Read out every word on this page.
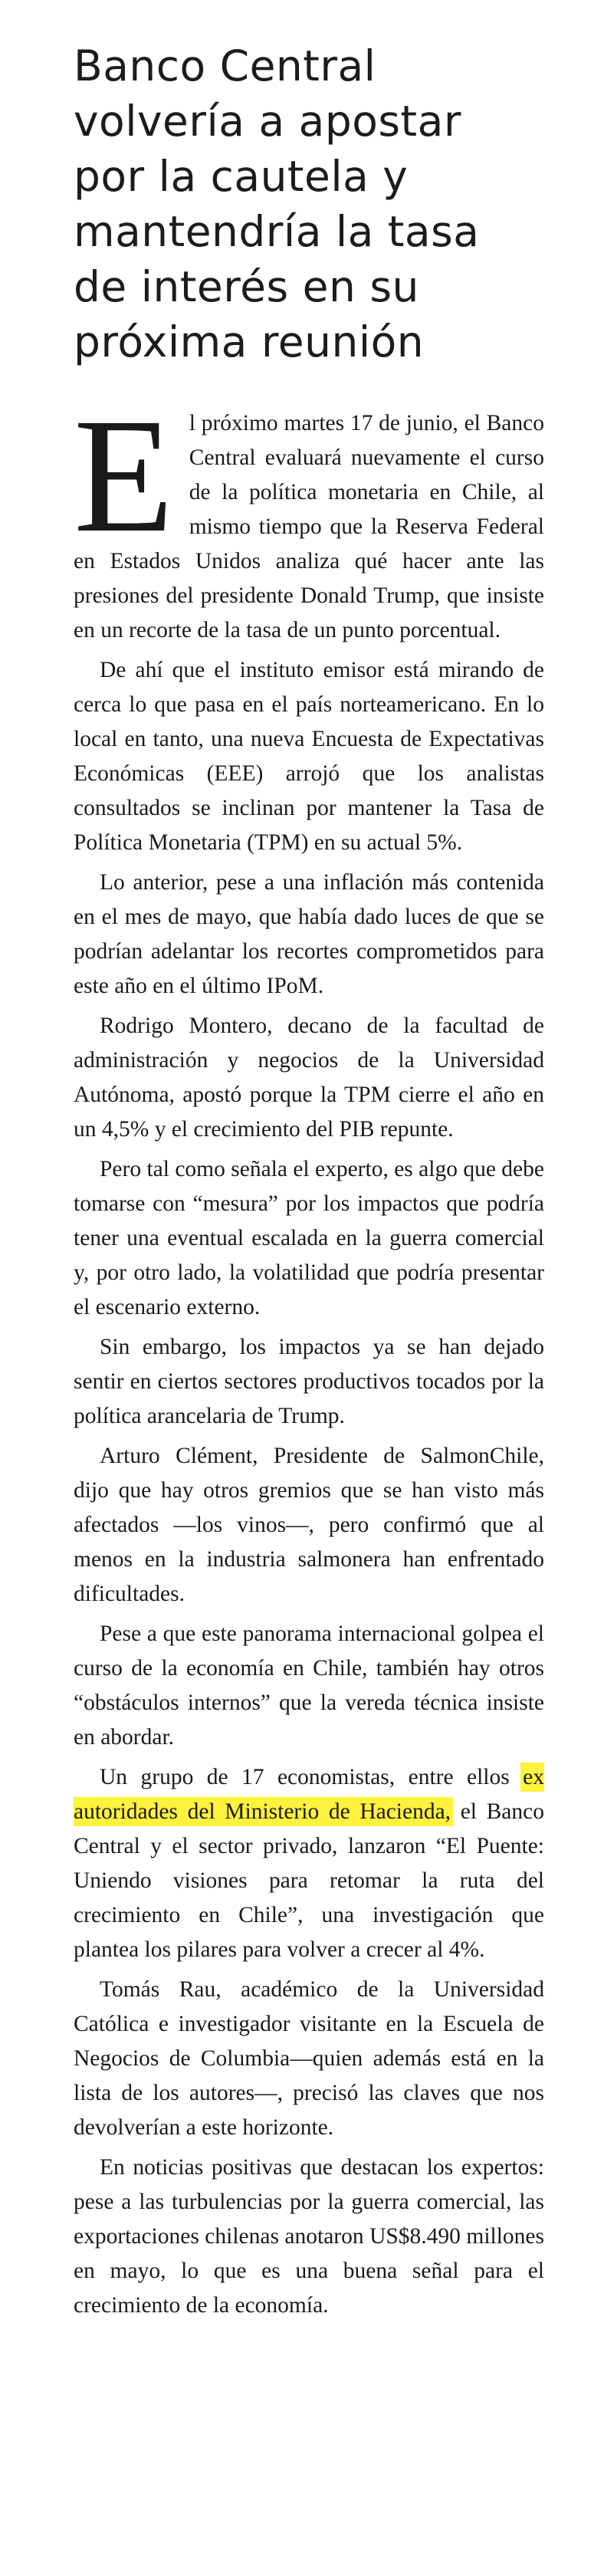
Banco Central volvería a apostar por la cautela y mantendría la tasa de interés en su próxima reunión

El próximo martes 17 de junio, el Banco Central evaluará nuevamente el curso de la política monetaria en Chile, al mismo tiempo que la Reserva Federal en Estados Unidos analiza qué hacer ante las presiones del presidente Donald Trump, que insiste en un recorte de la tasa de un punto porcentual.

De ahí que el instituto emisor está mirando de cerca lo que pasa en el país norteamericano. En lo local en tanto, una nueva Encuesta de Expectativas Económicas (EEE) arrojó que los analistas consultados se inclinan por mantener la Tasa de Política Monetaria (TPM) en su actual 5%.

Lo anterior, pese a una inflación más contenida en el mes de mayo, que había dado luces de que se podrían adelantar los recortes comprometidos para este año en el último IPoM.

Rodrigo Montero, decano de la facultad de administración y negocios de la Universidad Autónoma, apostó porque la TPM cierre el año en un 4,5% y el crecimiento del PIB repunte.

Pero tal como señala el experto, es algo que debe tomarse con “mesura” por los impactos que podría tener una eventual escalada en la guerra comercial y, por otro lado, la volatilidad que podría presentar el escenario externo.

Sin embargo, los impactos ya se han dejado sentir en ciertos sectores productivos tocados por la política arancelaria de Trump.

Arturo Clément, Presidente de SalmonChile, dijo que hay otros gremios que se han visto más afectados —los vinos—, pero confirmó que al menos en la industria salmonera han enfrentado dificultades.

Pese a que este panorama internacional golpea el curso de la economía en Chile, también hay otros “obstáculos internos” que la vereda técnica insiste en abordar.

Un grupo de 17 economistas, entre ellos ex autoridades del Ministerio de Hacienda, el Banco Central y el sector privado, lanzaron “El Puente: Uniendo visiones para retomar la ruta del crecimiento en Chile”, una investigación que plantea los pilares para volver a crecer al 4%.

Tomás Rau, académico de la Universidad Católica e investigador visitante en la Escuela de Negocios de Columbia—quien además está en la lista de los autores—, precisó las claves que nos devolverían a este horizonte.

En noticias positivas que destacan los expertos: pese a las turbulencias por la guerra comercial, las exportaciones chilenas anotaron US$8.490 millones en mayo, lo que es una buena señal para el crecimiento de la economía.
